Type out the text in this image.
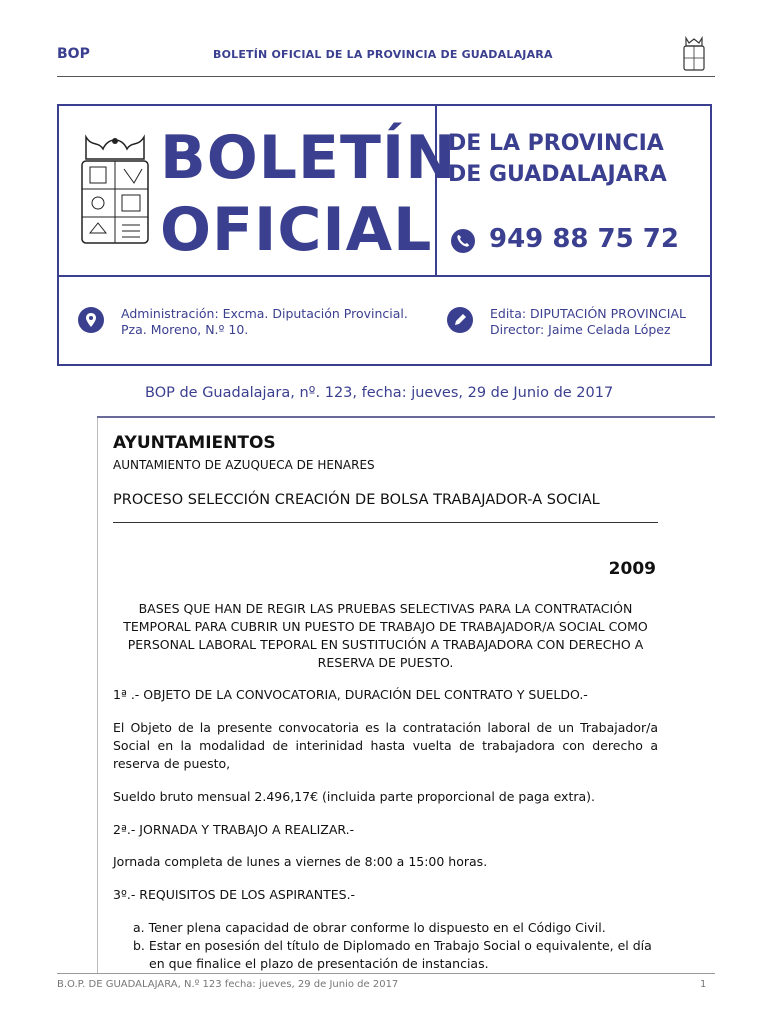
BOP	BOLETÍN OFICIAL DE LA PROVINCIA DE GUADALAJARA
BOLETÍN
OFICIAL
DE LA PROVINCIA
DE GUADALAJARA
949 88 75 72
Administración: Excma. Diputación Provincial.
Pza. Moreno, N.º 10.
Edita: DIPUTACIÓN PROVINCIAL
Director: Jaime Celada López
BOP de Guadalajara, nº. 123, fecha: jueves, 29 de Junio de 2017
AYUNTAMIENTOS
AUNTAMIENTO DE AZUQUECA DE HENARES
PROCESO SELECCIÓN CREACIÓN DE BOLSA TRABAJADOR-A SOCIAL
2009
BASES QUE HAN DE REGIR LAS PRUEBAS SELECTIVAS PARA LA CONTRATACIÓN
TEMPORAL PARA CUBRIR UN PUESTO DE TRABAJO DE TRABAJADOR/A SOCIAL COMO
PERSONAL LABORAL TEPORAL EN SUSTITUCIÓN A TRABAJADORA CON DERECHO A
RESERVA DE PUESTO.
1ª .- OBJETO DE LA CONVOCATORIA, DURACIÓN DEL CONTRATO Y SUELDO.-
El Objeto de la presente convocatoria es la contratación laboral de un Trabajador/a Social en la modalidad de interinidad hasta vuelta de trabajadora con derecho a reserva de puesto,
Sueldo bruto mensual 2.496,17€ (incluida parte proporcional de paga extra).
2ª.- JORNADA Y TRABAJO A REALIZAR.-
Jornada completa de lunes a viernes de 8:00 a 15:00 horas.
3º.- REQUISITOS DE LOS ASPIRANTES.-
a. Tener plena capacidad de obrar conforme lo dispuesto en el Código Civil.
b. Estar en posesión del título de Diplomado en Trabajo Social o equivalente, el día en que finalice el plazo de presentación de instancias.
B.O.P. DE GUADALAJARA, N.º 123 fecha: jueves, 29 de Junio de 2017	1
